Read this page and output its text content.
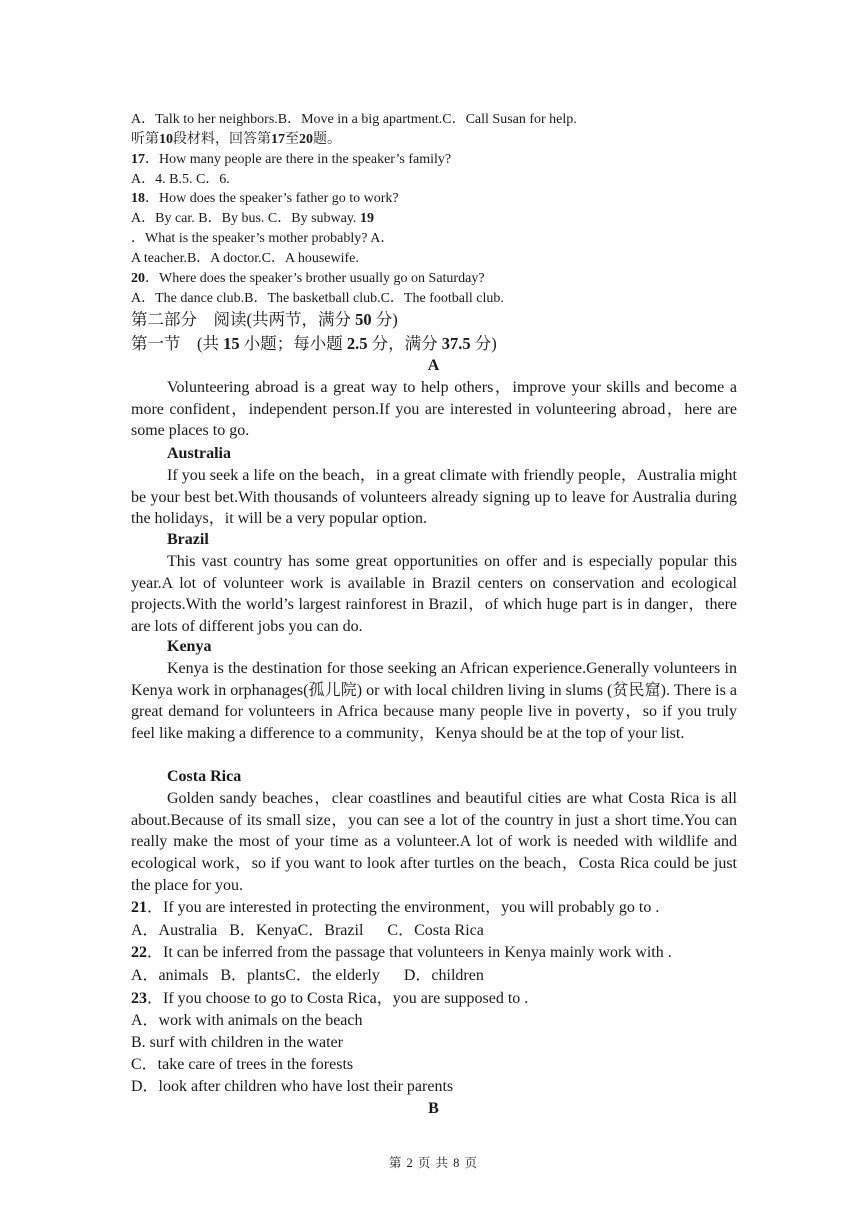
A．Talk to her neighbors.B．Move in a big apartment.C．Call Susan for help.
听第10段材料，回答第17至20题。
17．How many people are there in the speaker’s family?
A．4. B.5. C．6.
18．How does the speaker’s father go to work?
A．By car. B．By bus. C．By subway. 19
．What is the speaker’s mother probably? A．
A teacher.B．A doctor.C．A housewife.
20．Where does the speaker’s brother usually go on Saturday?
A．The dance club.B．The basketball club.C．The football club.
第二部分　阅读(共两节，满分 50 分)
第一节　(共 15 小题；每小题 2.5 分，满分 37.5 分)
A
Volunteering abroad is a great way to help others，improve your skills and become a more confident，independent person.If you are interested in volunteering abroad，here are some places to go.
Australia
If you seek a life on the beach，in a great climate with friendly people，Australia might be your best bet.With thousands of volunteers already signing up to leave for Australia during the holidays，it will be a very popular option.
Brazil
This vast country has some great opportunities on offer and is especially popular this year.A lot of volunteer work is available in Brazil centers on conservation and ecological projects.With the world’s largest rainforest in Brazil，of which huge part is in danger，there are lots of different jobs you can do.
Kenya
Kenya is the destination for those seeking an African experience.Generally volunteers in Kenya work in orphanages(孤儿院) or with local children living in slums (贫民窟). There is a great demand for volunteers in Africa because many people live in poverty，so if you truly feel like making a difference to a community，Kenya should be at the top of your list.
Costa Rica
Golden sandy beaches，clear coastlines and beautiful cities are what Costa Rica is all about.Because of its small size，you can see a lot of the country in just a short time.You can really make the most of your time as a volunteer.A lot of work is needed with wildlife and ecological work，so if you want to look after turtles on the beach，Costa Rica could be just the place for you.
21．If you are interested in protecting the environment，you will probably go to .
A．Australia   B．KenyaC．Brazil      C．Costa Rica
22．It can be inferred from the passage that volunteers in Kenya mainly work with .
A．animals   B．plantsC．the elderly      D．children
23．If you choose to go to Costa Rica，you are supposed to .
A．work with animals on the beach
B. surf with children in the water
C．take care of trees in the forests
D．look after children who have lost their parents
B
第 2 页 共 8 页
